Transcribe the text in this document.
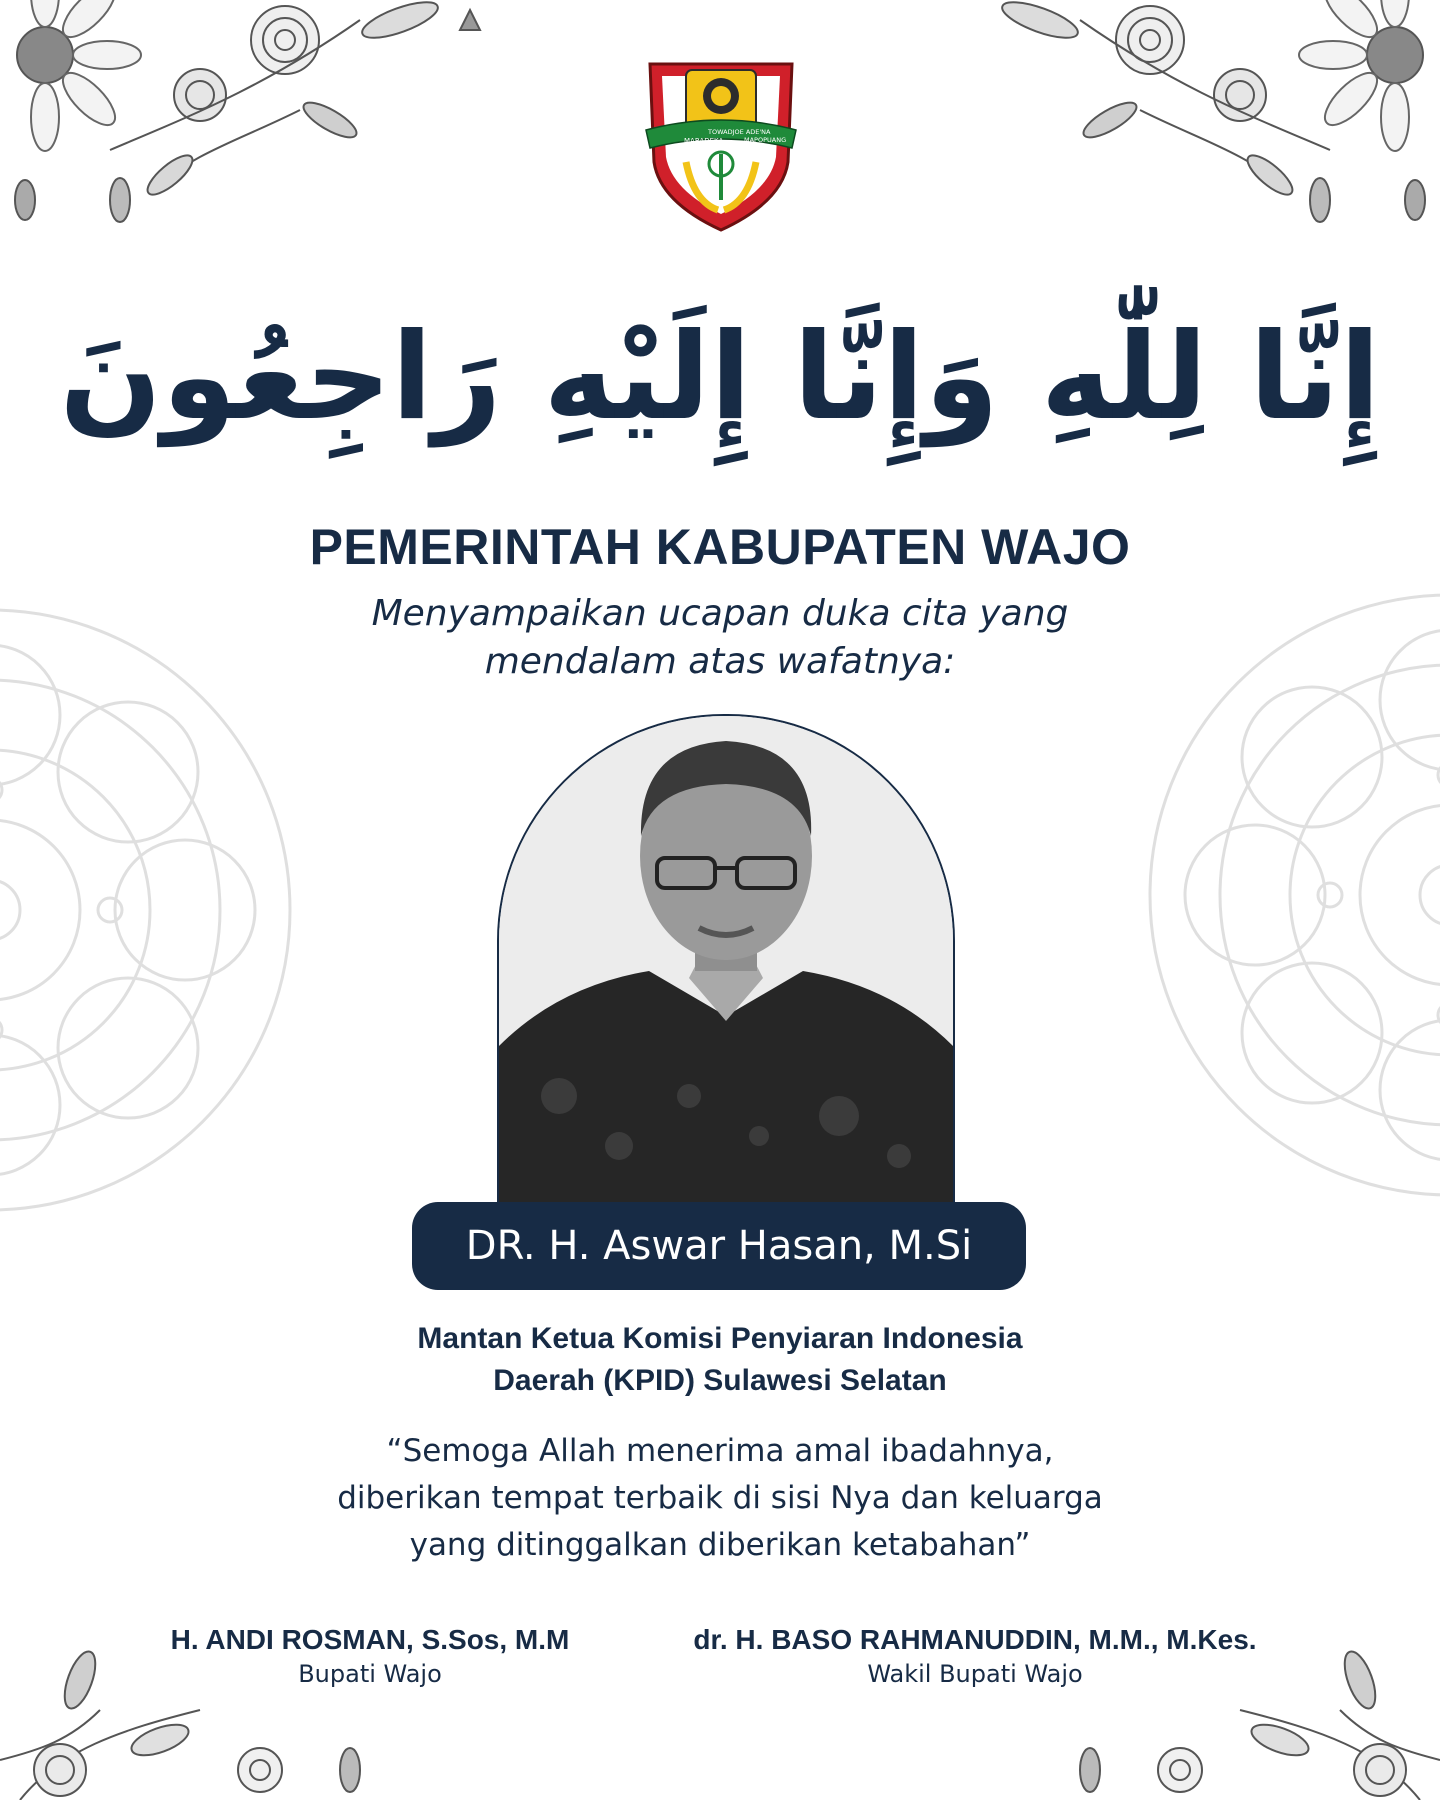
MARADEKA
TOWADJOE ADE'NA
MAPOPUANG
إِنَّا لِلّٰهِ وَإِنَّا إِلَيْهِ رَاجِعُونَ
PEMERINTAH KABUPATEN WAJO
Menyampaikan ucapan duka cita yang
mendalam atas wafatnya:
DR. H. Aswar Hasan, M.Si
Mantan Ketua Komisi Penyiaran Indonesia
Daerah (KPID) Sulawesi Selatan
“Semoga Allah menerima amal ibadahnya,
diberikan tempat terbaik di sisi Nya dan keluarga
yang ditinggalkan diberikan ketabahan”
H. ANDI ROSMAN, S.Sos, M.M
Bupati Wajo
dr. H. BASO RAHMANUDDIN, M.M., M.Kes.
Wakil Bupati Wajo
